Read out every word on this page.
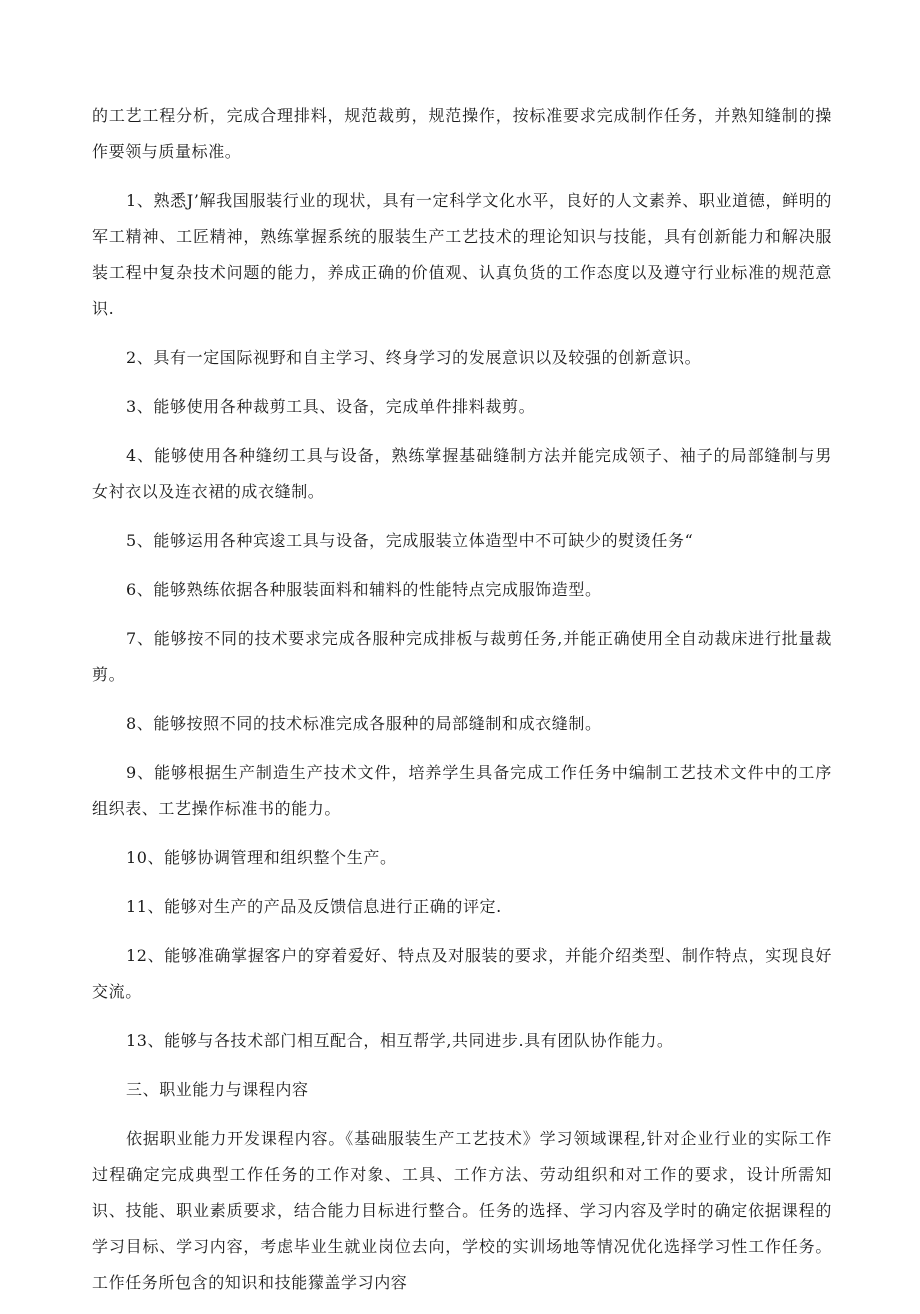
的工艺工程分析，完成合理排料，规范裁剪，规范操作，按标准要求完成制作任务，并熟知缝制的操作要领与质量标准。

1、熟悉J’解我国服装行业的现状，具有一定科学文化水平，良好的人文素养、职业道德，鲜明的军工精神、工匠精神，熟练掌握系统的服装生产工艺技术的理论知识与技能，具有创新能力和解决服装工程中复杂技术问题的能力，养成正确的价值观、认真负货的工作态度以及遵守行业标准的规范意识.

2、具有一定国际视野和自主学习、终身学习的发展意识以及较强的创新意识。

3、能够使用各种裁剪工具、设备，完成单件排料裁剪。

4、能够使用各种缝纫工具与设备，熟练掌握基础缝制方法并能完成领子、袖子的局部缝制与男女衬衣以及连衣裙的成衣缝制。

5、能够运用各种宾逡工具与设备，完成服装立体造型中不可缺少的熨烫任务“

6、能够熟练依据各种服装面料和辅料的性能特点完成服饰造型。

7、能够按不同的技术要求完成各服种完成排板与裁剪任务,并能正确使用全自动裁床进行批量裁剪。

8、能够按照不同的技术标准完成各服种的局部缝制和成衣缝制。

9、能够根据生产制造生产技术文件，培养学生具备完成工作任务中编制工艺技术文件中的工序组织表、工艺操作标准书的能力。

10、能够协调管理和组织整个生产。

11、能够对生产的产品及反馈信息进行正确的评定.

12、能够准确掌握客户的穿着爱好、特点及对服装的要求，并能介绍类型、制作特点，实现良好交流。

13、能够与各技术部门相互配合，相互帮学,共同进步.具有团队协作能力。

三、职业能力与课程内容

依据职业能力开发课程内容。《基础服装生产工艺技术》学习领域课程,针对企业行业的实际工作过程确定完成典型工作任务的工作对象、工具、工作方法、劳动组织和对工作的要求，设计所需知识、技能、职业素质要求，结合能力目标进行整合。任务的选择、学习内容及学时的确定依据课程的学习目标、学习内容，考虑毕业生就业岗位去向，学校的实训场地等情况优化选择学习性工作任务。工作任务所包含的知识和技能獴盖学习内容
